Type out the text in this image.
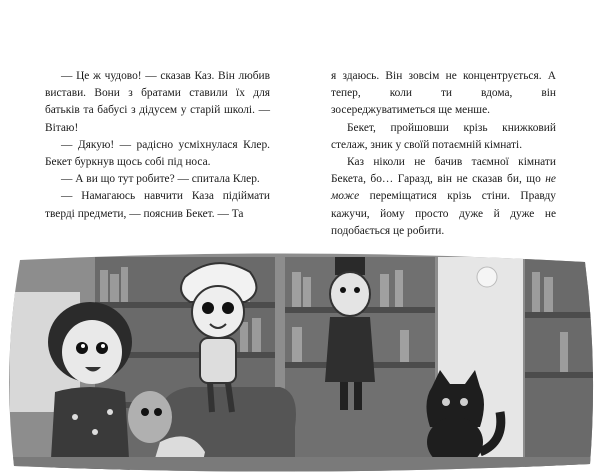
— Це ж чудово! — сказав Каз. Він любив вистави. Вони з братами ставили їх для батьків та бабусі з дідусем у старій школі. — Вітаю!

— Дякую! — радісно усміхнулася Клер. Бекет буркнув щось собі під носа.

— А ви що тут робите? — спитала Клер.

— Намагаюсь навчити Каза підіймати тверді предмети, — пояснив Бекет. — Та

я здаюсь. Він зовсім не концентрується. А тепер, коли ти вдома, він зосереджуватиметься ще менше.

Бекет, пройшовши крізь книжковий стелаж, зник у своїй потаємній кімнаті.

Каз ніколи не бачив таємної кімнати Бекета, бо… Гаразд, він не сказав би, що не може переміщатися крізь стіни. Правду кажучи, йому просто дуже й дуже не подобається це робити.
